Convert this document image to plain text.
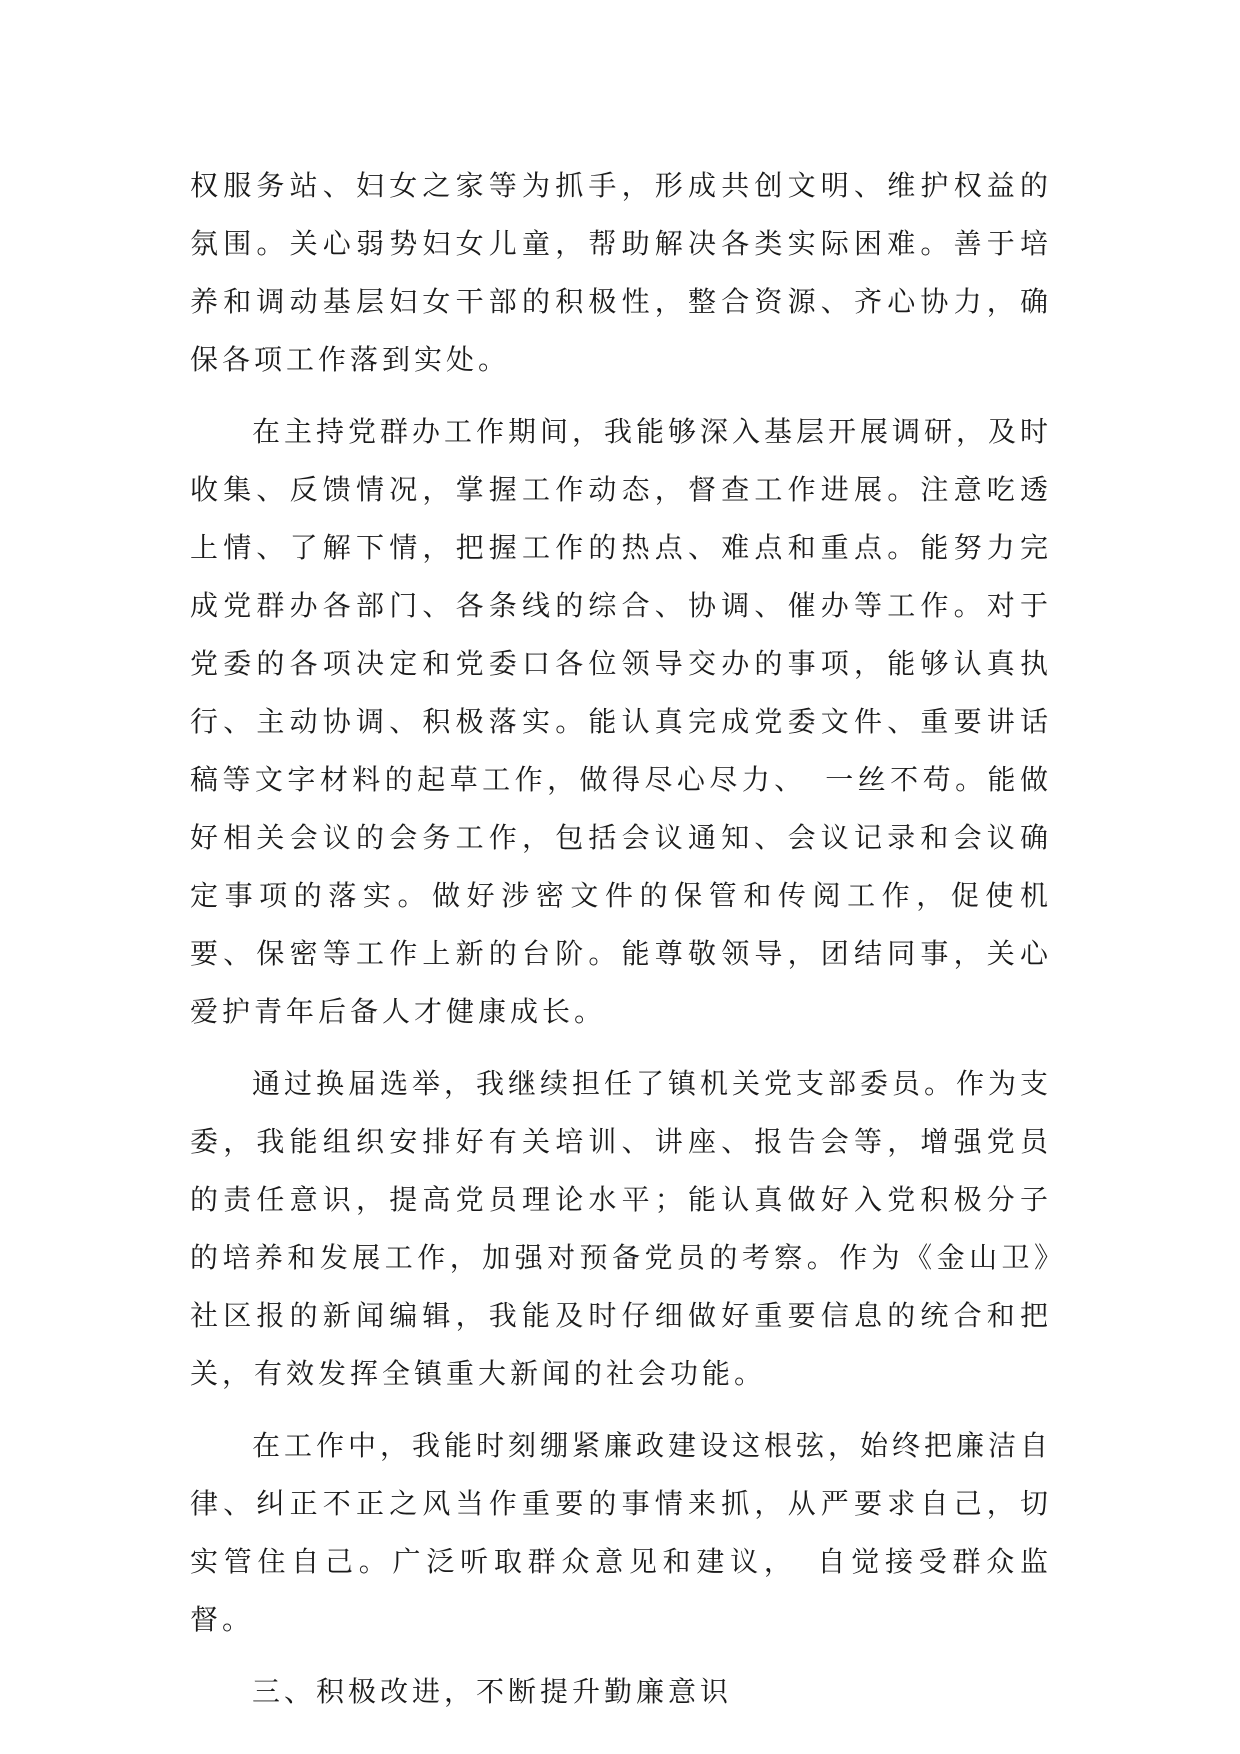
权服务站、妇女之家等为抓手，形成共创文明、维护权益的氛围。关心弱势妇女儿童，帮助解决各类实际困难。善于培养和调动基层妇女干部的积极性，整合资源、齐心协力，确保各项工作落到实处。

在主持党群办工作期间，我能够深入基层开展调研，及时收集、反馈情况，掌握工作动态，督查工作进展。注意吃透上情、了解下情，把握工作的热点、难点和重点。能努力完成党群办各部门、各条线的综合、协调、催办等工作。对于党委的各项决定和党委口各位领导交办的事项，能够认真执行、主动协调、积极落实。能认真完成党委文件、重要讲话稿等文字材料的起草工作，做得尽心尽力、　一丝不苟。能做好相关会议的会务工作，包括会议通知、会议记录和会议确定事项的落实。做好涉密文件的保管和传阅工作，促使机要、保密等工作上新的台阶。能尊敬领导，团结同事，关心爱护青年后备人才健康成长。

通过换届选举，我继续担任了镇机关党支部委员。作为支委，我能组织安排好有关培训、讲座、报告会等，增强党员的责任意识，提高党员理论水平；能认真做好入党积极分子的培养和发展工作，加强对预备党员的考察。作为《金山卫》社区报的新闻编辑，我能及时仔细做好重要信息的统合和把关，有效发挥全镇重大新闻的社会功能。

在工作中，我能时刻绷紧廉政建设这根弦，始终把廉洁自律、纠正不正之风当作重要的事情来抓，从严要求自己，切实管住自己。广泛听取群众意见和建议，　自觉接受群众监督。

三、积极改进，不断提升勤廉意识
